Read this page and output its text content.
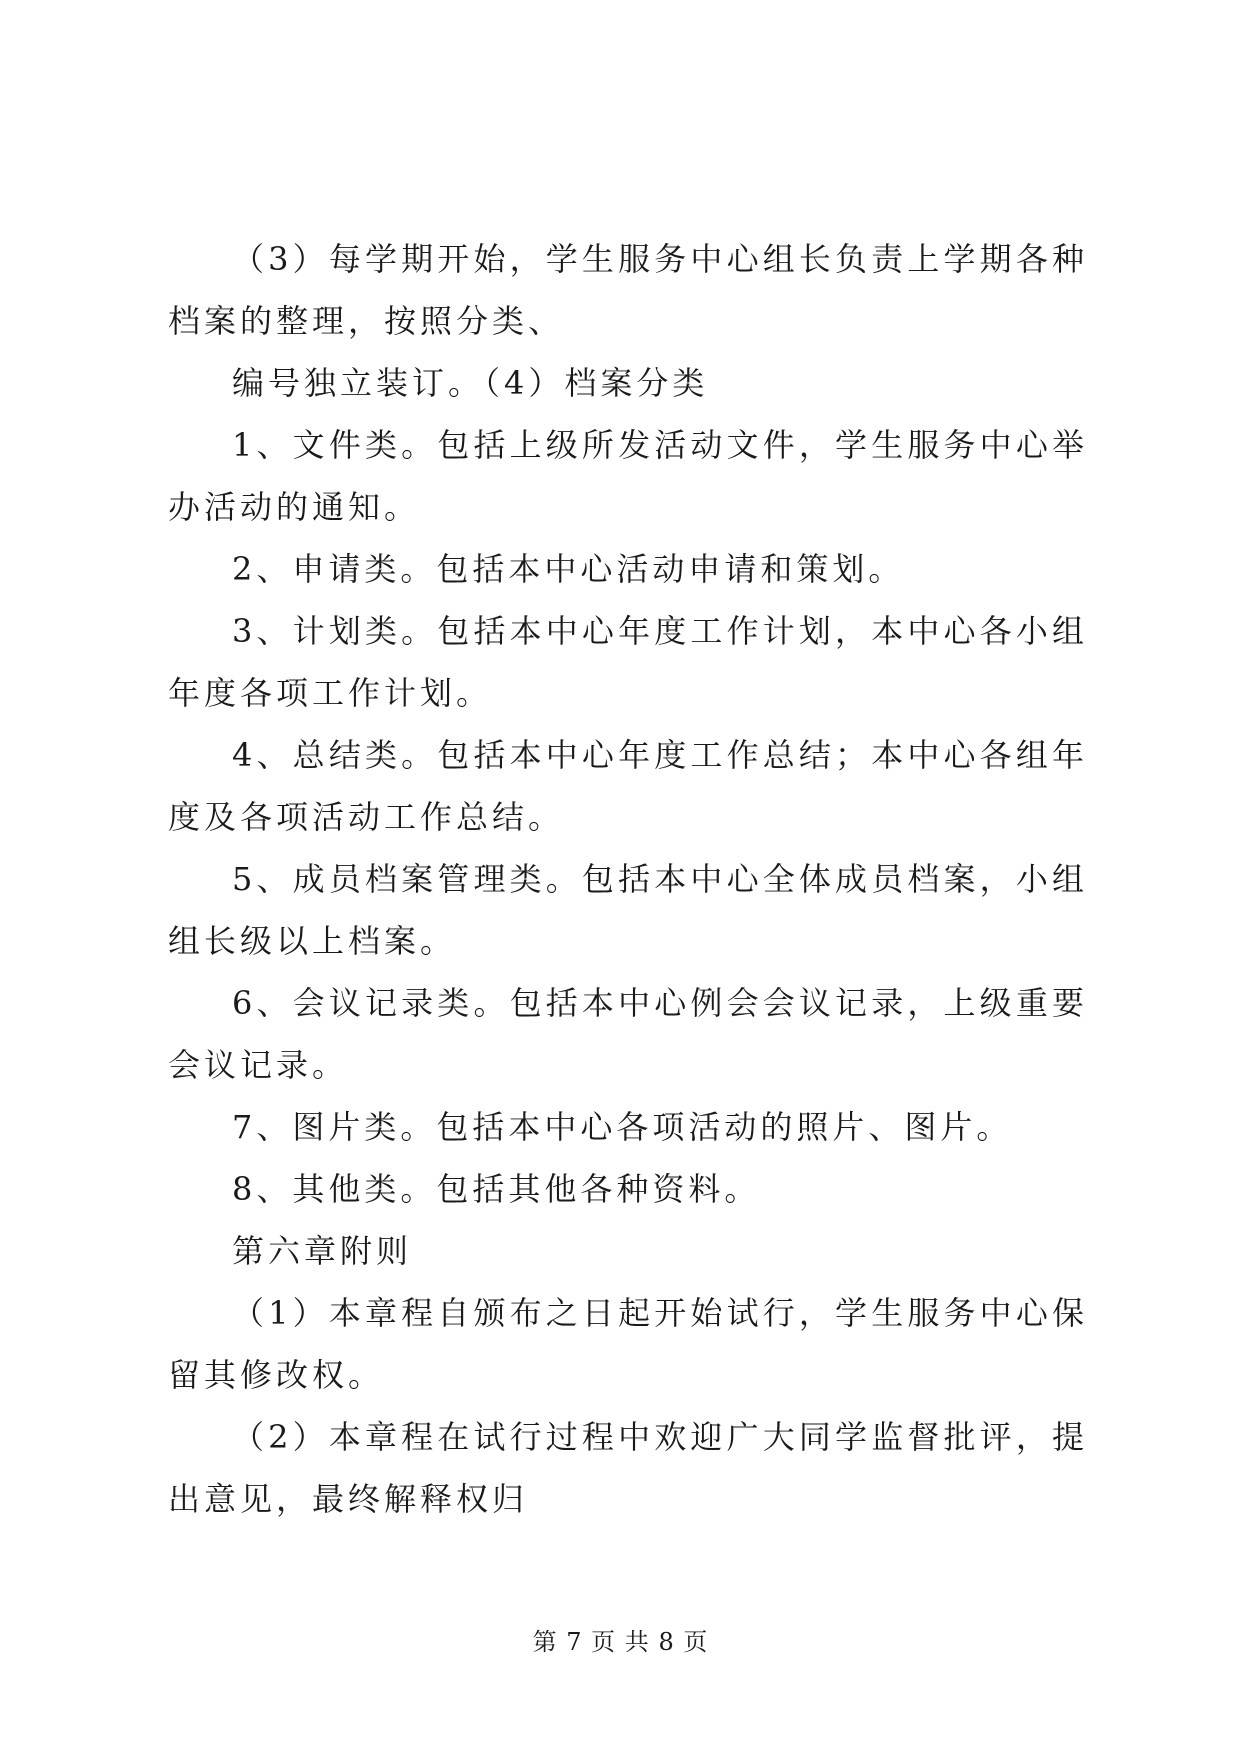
（3）每学期开始，学生服务中心组长负责上学期各种档案的整理，按照分类、

编号独立装订。（4）档案分类

1、文件类。包括上级所发活动文件，学生服务中心举办活动的通知。

2、申请类。包括本中心活动申请和策划。

3、计划类。包括本中心年度工作计划，本中心各小组年度各项工作计划。

4、总结类。包括本中心年度工作总结；本中心各组年度及各项活动工作总结。

5、成员档案管理类。包括本中心全体成员档案，小组组长级以上档案。

6、会议记录类。包括本中心例会会议记录，上级重要会议记录。

7、图片类。包括本中心各项活动的照片、图片。

8、其他类。包括其他各种资料。

第六章附则

（1）本章程自颁布之日起开始试行，学生服务中心保留其修改权。

（2）本章程在试行过程中欢迎广大同学监督批评，提出意见，最终解释权归

第 7 页 共 8 页
